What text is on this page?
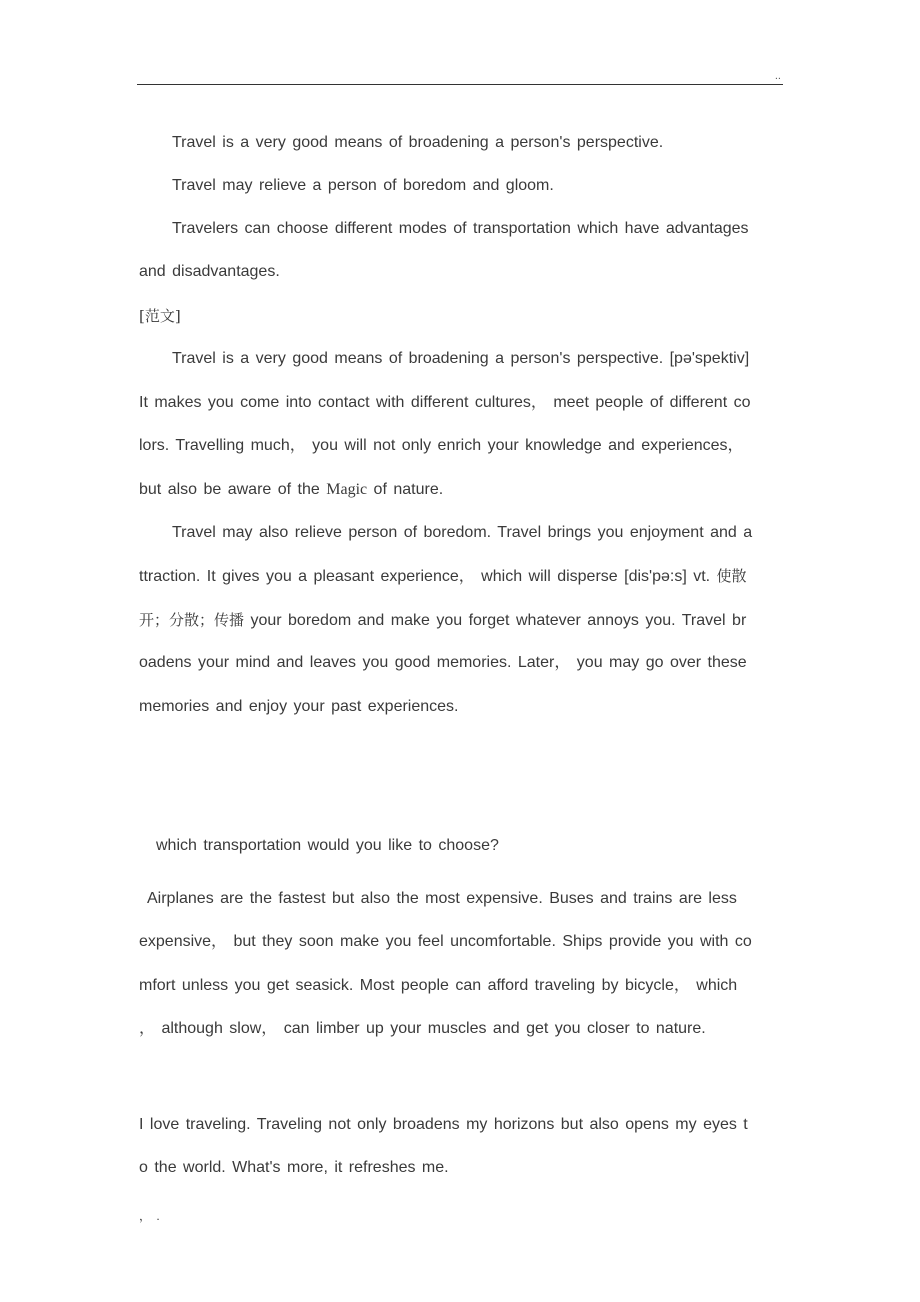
..
Travel is a very good means of broadening a person's perspective.
Travel may relieve a person of boredom and gloom.
Travelers can choose different modes of transportation which have advantages
and disadvantages.
[范文]
Travel is a very good means of broadening a person's perspective. [pə'spektiv]
It makes you come into contact with different cultures， meet people of different co
lors. Travelling much， you will not only enrich your knowledge and experiences，
but also be aware of the Magic of nature.
Travel may also relieve person of boredom. Travel brings you enjoyment and a
ttraction. It gives you a pleasant experience， which will disperse [dis'pə:s] vt. 使散
开；分散；传播 your boredom and make you forget whatever annoys you. Travel br
oadens your mind and leaves you good memories. Later， you may go over these
memories and enjoy your past experiences.
which transportation would you like to choose?
Airplanes are the fastest but also the most expensive. Buses and trains are less
expensive， but they soon make you feel uncomfortable. Ships provide you with co
mfort unless you get seasick. Most people can afford traveling by bicycle， which
， although slow， can limber up your muscles and get you closer to nature.
I love traveling. Traveling not only broadens my horizons but also opens my eyes t
o the world. What's more, it refreshes me.
， .
